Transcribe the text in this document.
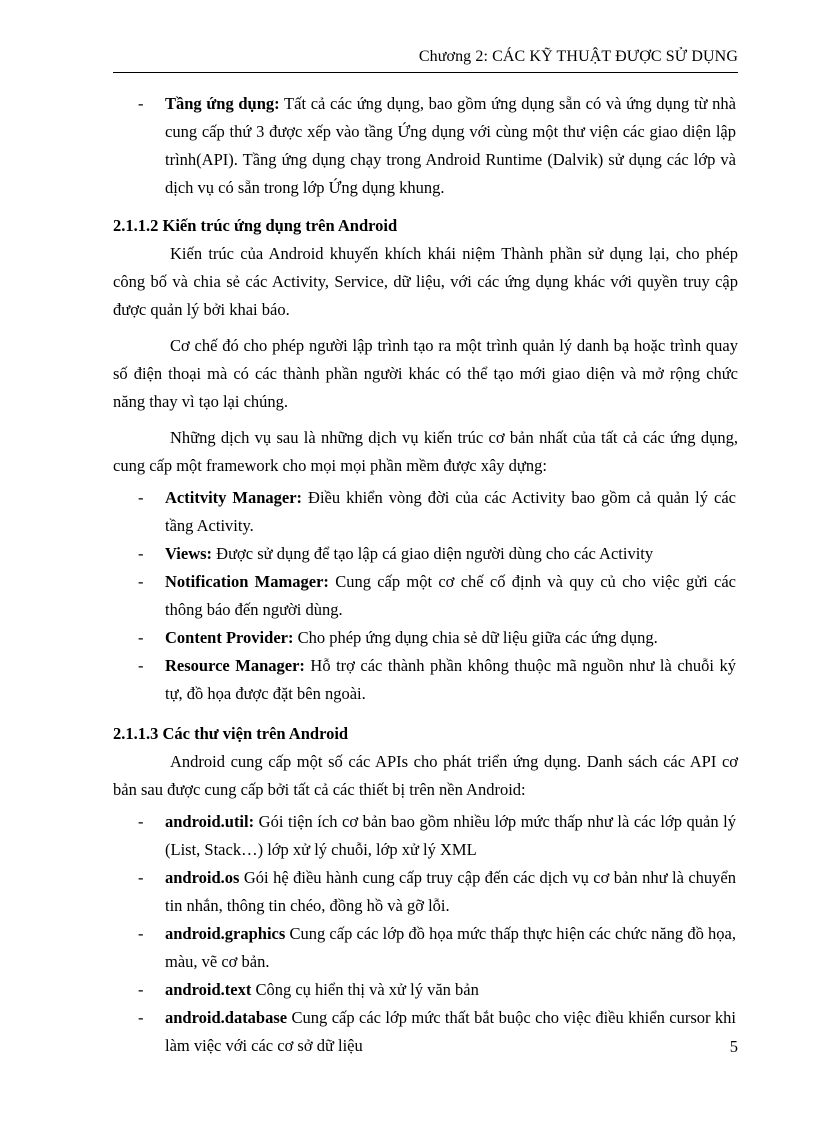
Chương 2: CÁC KỸ THUẬT ĐƯỢC SỬ DỤNG
-	Tầng ứng dụng: Tất cả các ứng dụng, bao gồm ứng dụng sẵn có và ứng dụng từ nhà cung cấp thứ 3 được xếp vào tầng Ứng dụng với cùng một thư viện các giao diện lập trình(API). Tầng ứng dụng chạy trong Android Runtime (Dalvik) sử dụng các lớp và dịch vụ có sẵn trong lớp Ứng dụng khung.
2.1.1.2 Kiến trúc ứng dụng trên Android

Kiến trúc của Android khuyến khích khái niệm Thành phần sử dụng lại, cho phép công bố và chia sẻ các Activity, Service, dữ liệu, với các ứng dụng khác với quyền truy cập được quản lý bởi khai báo.

Cơ chế đó cho phép người lập trình tạo ra một trình quản lý danh bạ hoặc trình quay số điện thoại mà có các thành phần người khác có thể tạo mới giao diện và mở rộng chức năng thay vì tạo lại chúng.

Những dịch vụ sau là những dịch vụ kiến trúc cơ bản nhất của tất cả các ứng dụng, cung cấp một framework cho mọi mọi phần mềm được xây dựng:

-	Actitvity Manager: Điều khiển vòng đời của các Activity bao gồm cả quản lý các tầng Activity.
-	Views: Được sử dụng để tạo lập cá giao diện người dùng cho các Activity
-	Notification Mamager: Cung cấp một cơ chế cố định và quy củ cho việc gửi các thông báo đến người dùng.
-	Content Provider: Cho phép ứng dụng chia sẻ dữ liệu giữa các ứng dụng.
-	Resource Manager: Hỗ trợ các thành phần không thuộc mã nguồn như là chuỗi ký tự, đồ họa được đặt bên ngoài.
2.1.1.3 Các thư viện trên Android

Android cung cấp một số các APIs cho phát triển ứng dụng. Danh sách các API cơ bản sau được cung cấp bởi tất cả các thiết bị trên nền Android:

-	android.util: Gói tiện ích cơ bản bao gồm nhiều lớp mức thấp như là các lớp quản lý (List, Stack…) lớp xử lý chuỗi, lớp xử lý XML
-	android.os Gói hệ điều hành cung cấp truy cập đến các dịch vụ cơ bản như là chuyển tin nhắn, thông tin chéo, đồng hồ và gỡ lỗi.
-	android.graphics Cung cấp các lớp đồ họa mức thấp thực hiện các chức năng đồ họa, màu, vẽ cơ bản.
-	android.text Công cụ hiển thị và xử lý văn bản
-	android.database Cung cấp các lớp mức thất bắt buộc cho việc điều khiển cursor khi làm việc với các cơ sở dữ liệu	5
